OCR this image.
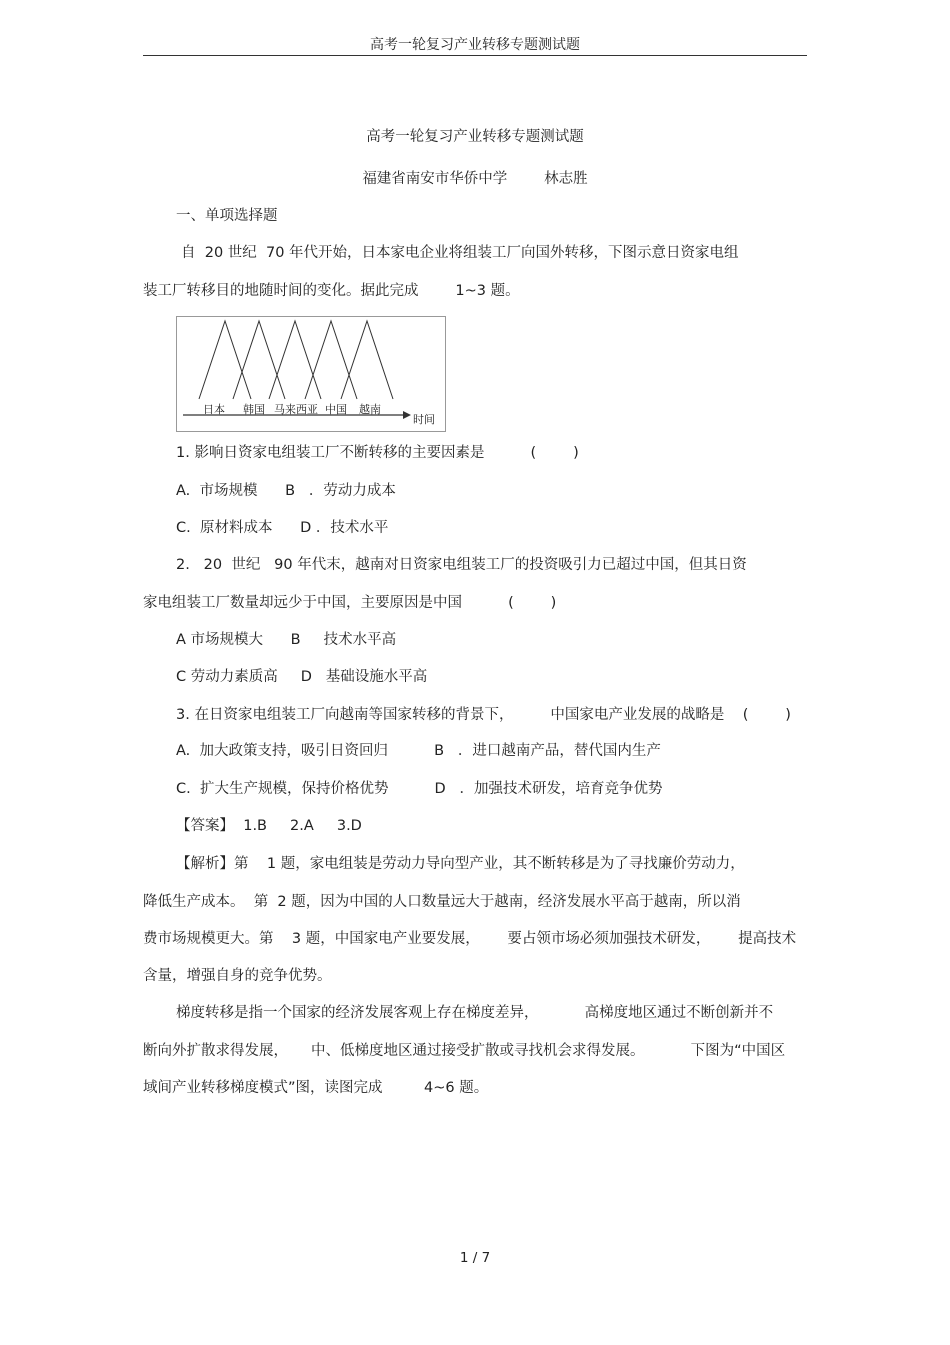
高考一轮复习产业转移专题测试题
高考一轮复习产业转移专题测试题
福建省南安市华侨中学        林志胜
一、单项选择题
自  20 世纪  70 年代开始，日本家电企业将组装工厂向国外转移，下图示意日资家电组
装工厂转移目的地随时间的变化。据此完成        1~3 题。
日本 韩国 马来西亚 中国 越南
时间
1. 影响日资家电组装工厂不断转移的主要因素是          (        )
A.  市场规模      B   ．劳动力成本
C.  原材料成本      D ．技术水平
2.   20  世纪   90 年代末，越南对日资家电组装工厂的投资吸引力已超过中国，但其日资
家电组装工厂数量却远少于中国，主要原因是中国          (        )
A 市场规模大      B     技术水平高
C 劳动力素质高     D   基础设施水平高
3. 在日资家电组装工厂向越南等国家转移的背景下，        中国家电产业发展的战略是    (        )
A.  加大政策支持，吸引日资回归          B   ．进口越南产品，替代国内生产
C.  扩大生产规模，保持价格优势          D   ．加强技术研发，培育竞争优势
【答案】  1.B     2.A     3.D
【解析】第    1 题，家电组装是劳动力导向型产业，其不断转移是为了寻找廉价劳动力，
降低生产成本。  第  2 题，因为中国的人口数量远大于越南，经济发展水平高于越南，所以消
费市场规模更大。第    3 题，中国家电产业要发展，      要占领市场必须加强技术研发，      提高技术
含量，增强自身的竞争优势。
梯度转移是指一个国家的经济发展客观上存在梯度差异，          高梯度地区通过不断创新并不
断向外扩散求得发展，     中、低梯度地区通过接受扩散或寻找机会求得发展。          下图为“中国区
域间产业转移梯度模式”图，读图完成         4~6 题。
1 / 7
